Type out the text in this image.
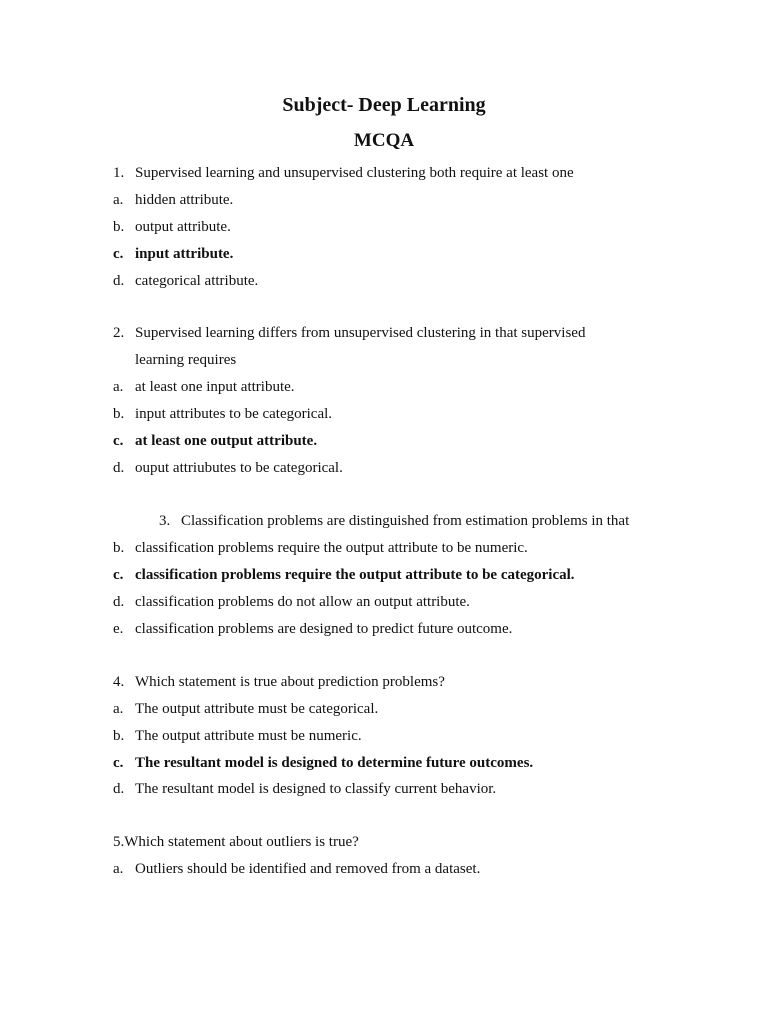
Subject- Deep Learning
MCQA
1. Supervised learning and unsupervised clustering both require at least one
a. hidden attribute.
b. output attribute.
c. input attribute.
d. categorical attribute.
2. Supervised learning differs from unsupervised clustering in that supervised
learning requires
a. at least one input attribute.
b. input attributes to be categorical.
c. at least one output attribute.
d. ouput attriubutes to be categorical.
3. Classification problems are distinguished from estimation problems in that
b. classification problems require the output attribute to be numeric.
c. classification problems require the output attribute to be categorical.
d. classification problems do not allow an output attribute.
e. classification problems are designed to predict future outcome.
4. Which statement is true about prediction problems?
a. The output attribute must be categorical.
b. The output attribute must be numeric.
c. The resultant model is designed to determine future outcomes.
d. The resultant model is designed to classify current behavior.
5.Which statement about outliers is true?
a. Outliers should be identified and removed from a dataset.
